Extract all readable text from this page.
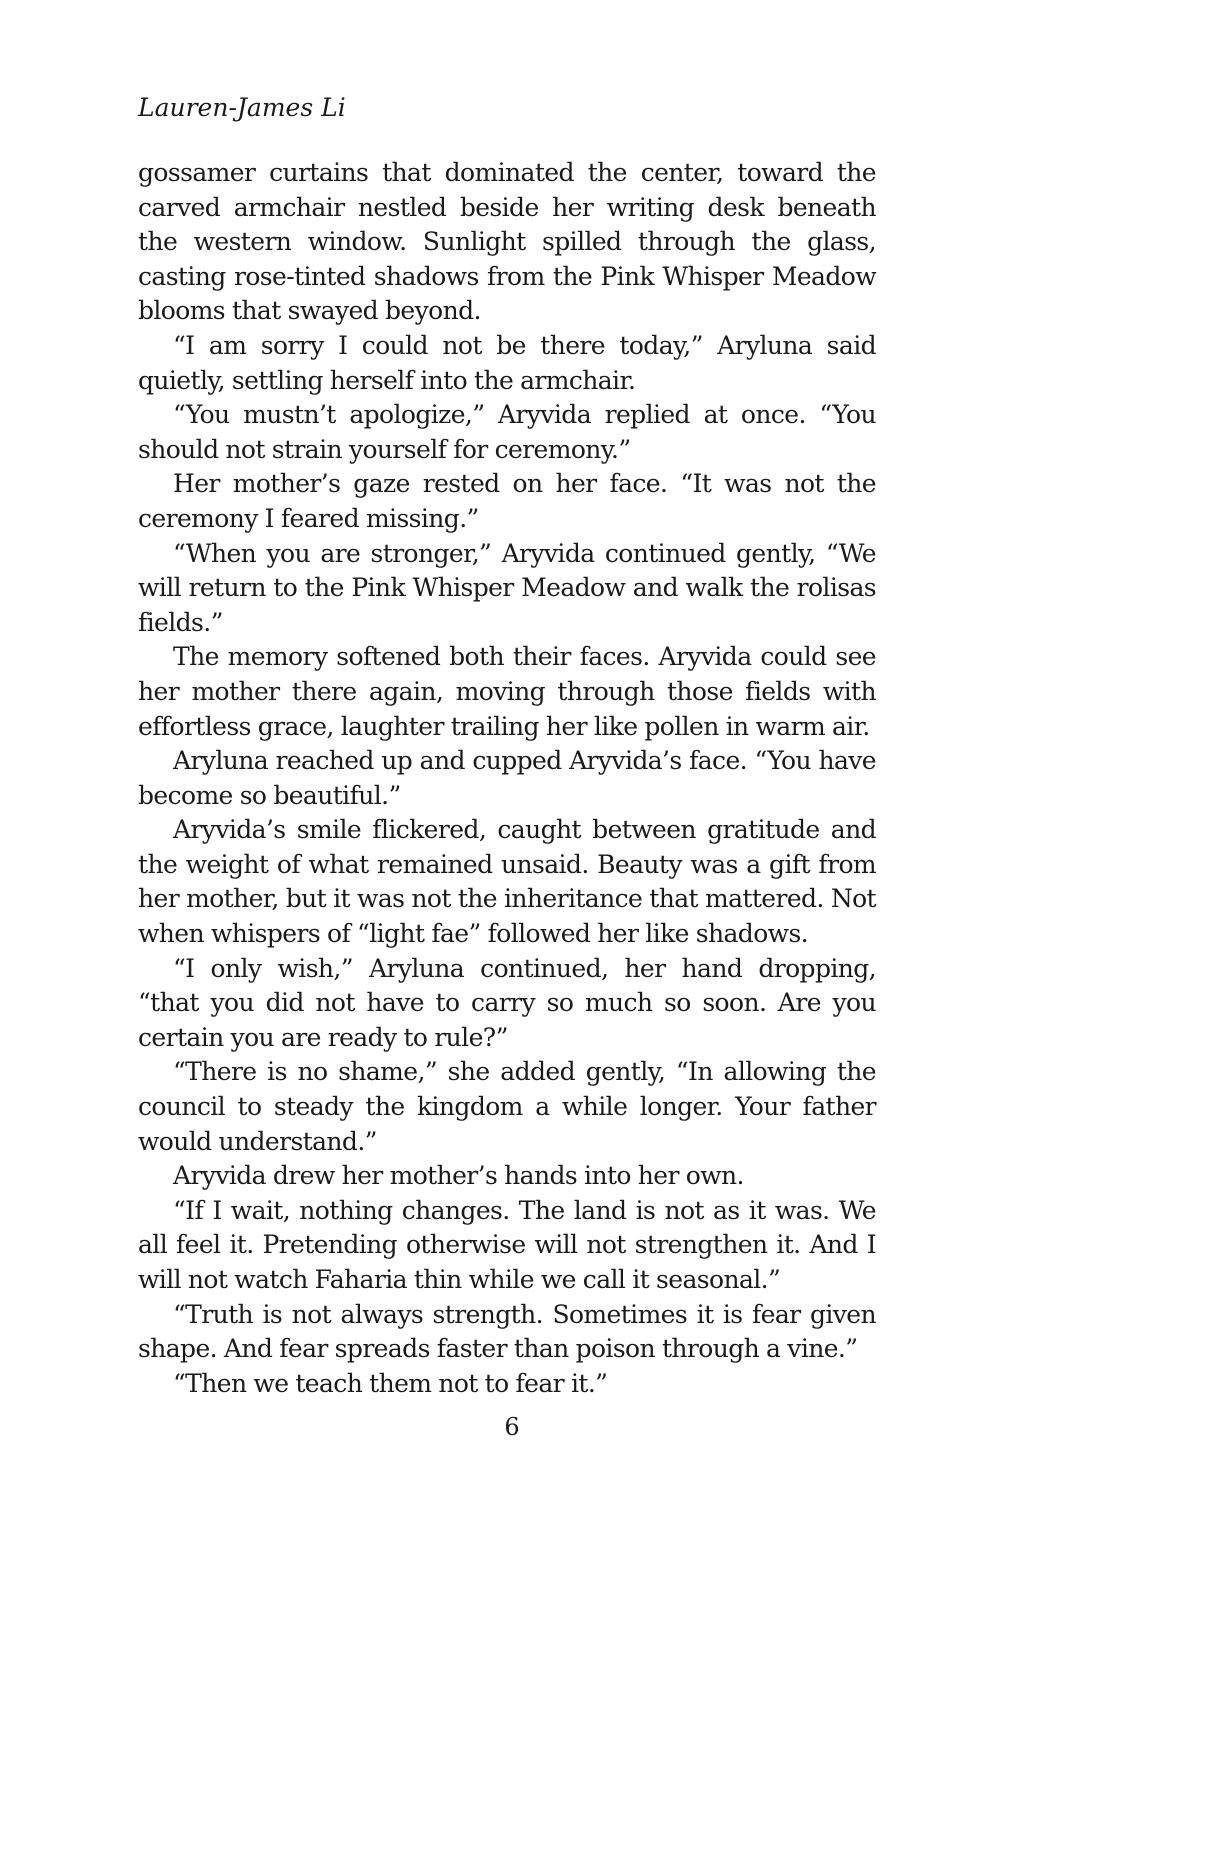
Lauren-James Li

gossamer curtains that dominated the center, toward the carved armchair nestled beside her writing desk beneath the western window. Sunlight spilled through the glass, casting rose-tinted shadows from the Pink Whisper Meadow blooms that swayed beyond.

“I am sorry I could not be there today,” Aryluna said quietly, settling herself into the armchair.

“You mustn’t apologize,” Aryvida replied at once. “You should not strain yourself for ceremony.”

Her mother’s gaze rested on her face. “It was not the ceremony I feared missing.”

“When you are stronger,” Aryvida continued gently, “We will return to the Pink Whisper Meadow and walk the rolisas fields.”

The memory softened both their faces. Aryvida could see her mother there again, moving through those fields with effortless grace, laughter trailing her like pollen in warm air.

Aryluna reached up and cupped Aryvida’s face. “You have become so beautiful.”

Aryvida’s smile flickered, caught between gratitude and the weight of what remained unsaid. Beauty was a gift from her mother, but it was not the inheritance that mattered. Not when whispers of “light fae” followed her like shadows.

“I only wish,” Aryluna continued, her hand dropping, “that you did not have to carry so much so soon. Are you certain you are ready to rule?”

“There is no shame,” she added gently, “In allowing the council to steady the kingdom a while longer. Your father would understand.”

Aryvida drew her mother’s hands into her own.

“If I wait, nothing changes. The land is not as it was. We all feel it. Pretending otherwise will not strengthen it. And I will not watch Faharia thin while we call it seasonal.”

“Truth is not always strength. Sometimes it is fear given shape. And fear spreads faster than poison through a vine.”

“Then we teach them not to fear it.”

6
